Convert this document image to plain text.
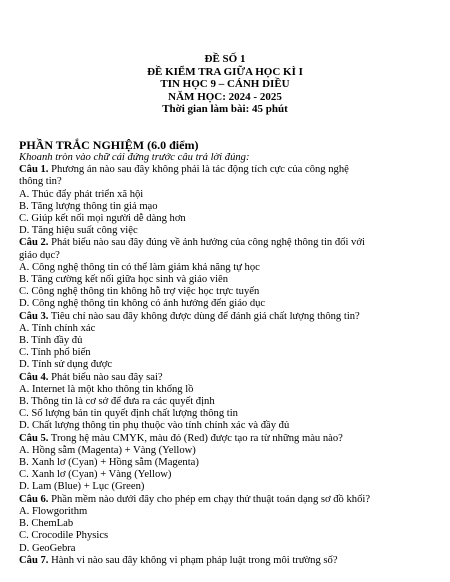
ĐỀ SỐ 1
ĐỀ KIỂM TRA GIỮA HỌC KÌ I
TIN HỌC 9 – CÁNH DIỀU
NĂM HỌC: 2024 - 2025
Thời gian làm bài: 45 phút
PHẦN TRẮC NGHIỆM (6.0 điểm)
Khoanh tròn vào chữ cái đứng trước câu trả lời đúng:
Câu 1. Phương án nào sau đây không phải là tác động tích cực của công nghệ
thông tin?
A. Thúc đẩy phát triển xã hội
B. Tăng lượng thông tin giả mạo
C. Giúp kết nối mọi người dễ dàng hơn
D. Tăng hiệu suất công việc
Câu 2. Phát biểu nào sau đây đúng về ảnh hưởng của công nghệ thông tin đối với
giáo dục?
A. Công nghệ thông tin có thể làm giảm khả năng tự học
B. Tăng cường kết nối giữa học sinh và giáo viên
C. Công nghệ thông tin không hỗ trợ việc học trực tuyến
D. Công nghệ thông tin không có ảnh hưởng đến giáo dục
Câu 3. Tiêu chí nào sau đây không được dùng để đánh giá chất lượng thông tin?
A. Tính chính xác
B. Tính đầy đủ
C. Tính phổ biến
D. Tính sử dụng được
Câu 4. Phát biểu nào sau đây sai?
A. Internet là một kho thông tin khổng lồ
B. Thông tin là cơ sở để đưa ra các quyết định
C. Số lượng bản tin quyết định chất lượng thông tin
D. Chất lượng thông tin phụ thuộc vào tính chính xác và đầy đủ
Câu 5. Trong hệ màu CMYK, màu đỏ (Red) được tạo ra từ những màu nào?
A. Hồng sẫm (Magenta) + Vàng (Yellow)
B. Xanh lơ (Cyan) + Hồng sẫm (Magenta)
C. Xanh lơ (Cyan) + Vàng (Yellow)
D. Lam (Blue) + Lục (Green)
Câu 6. Phần mềm nào dưới đây cho phép em chạy thử thuật toán dạng sơ đồ khối?
A. Flowgorithm
B. ChemLab
C. Crocodile Physics
D. GeoGebra
Câu 7. Hành vi nào sau đây không vi phạm pháp luật trong môi trường số?
